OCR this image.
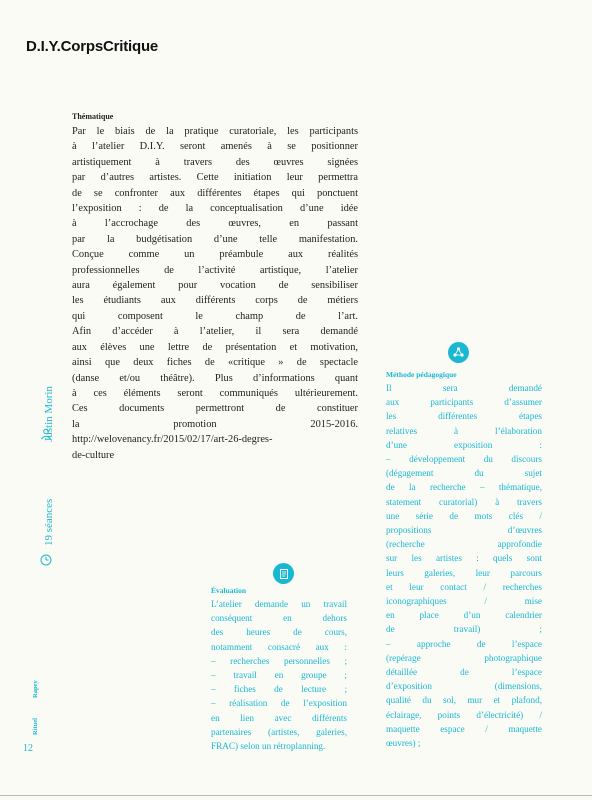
D.I.Y.CorpsCritique
Thématique
Par le biais de la pratique curatoriale, les participants
à l’atelier D.I.Y. seront amenés à se positionner
artistiquement à travers des œuvres signées
par d’autres artistes. Cette initiation leur permettra
de se confronter aux différentes étapes qui ponctuent
l’exposition : de la conceptualisation d’une idée
à l’accrochage des œuvres, en passant
par la budgétisation d’une telle manifestation.
Conçue comme un préambule aux réalités
professionnelles de l’activité artistique, l’atelier
aura également pour vocation de sensibiliser
les étudiants aux différents corps de métiers
qui composent le champ de l’art.
Afin d’accéder à l’atelier, il sera demandé
aux élèves une lettre de présentation et motivation,
ainsi que deux fiches de «critique » de spectacle
(danse et/ou théâtre). Plus d’informations quant
à ces éléments seront communiqués ultérieurement.
Ces documents permettront de constituer
la promotion 2015-2016.
http://welovenancy.fr/2015/02/17/art-26-degres-
de-culture
Méthode pédagogique
Il sera demandé
aux participants d’assumer
les différentes étapes
relatives à l’élaboration
d’une exposition :
– développement du discours
(dégagement du sujet
de la recherche – thématique,
statement curatorial) à travers
une série de mots clés /
propositions d’œuvres
(recherche approfondie
sur les artistes : quels sont
leurs galeries, leur parcours
et leur contact / recherches
iconographiques / mise
en place d’un calendrier
de travail) ;
– approche de l’espace
(repérage photographique
détaillée de l’espace
d’exposition (dimensions,
qualité du sol, mur et plafond,
éclairage, points d’électricité) /
maquette espace / maquette
œuvres) ;
Évaluation
L’atelier demande un travail
conséquent en dehors
des heures de cours,
notamment consacré aux :
– recherches personnelles ;
– travail en groupe ;
– fiches de lecture ;
– réalisation de l’exposition
en lien avec différents
partenaires (artistes, galeries,
FRAC) selon un rétroplanning.
Justin Morin
19 séances
Rapey
Rituel
12
